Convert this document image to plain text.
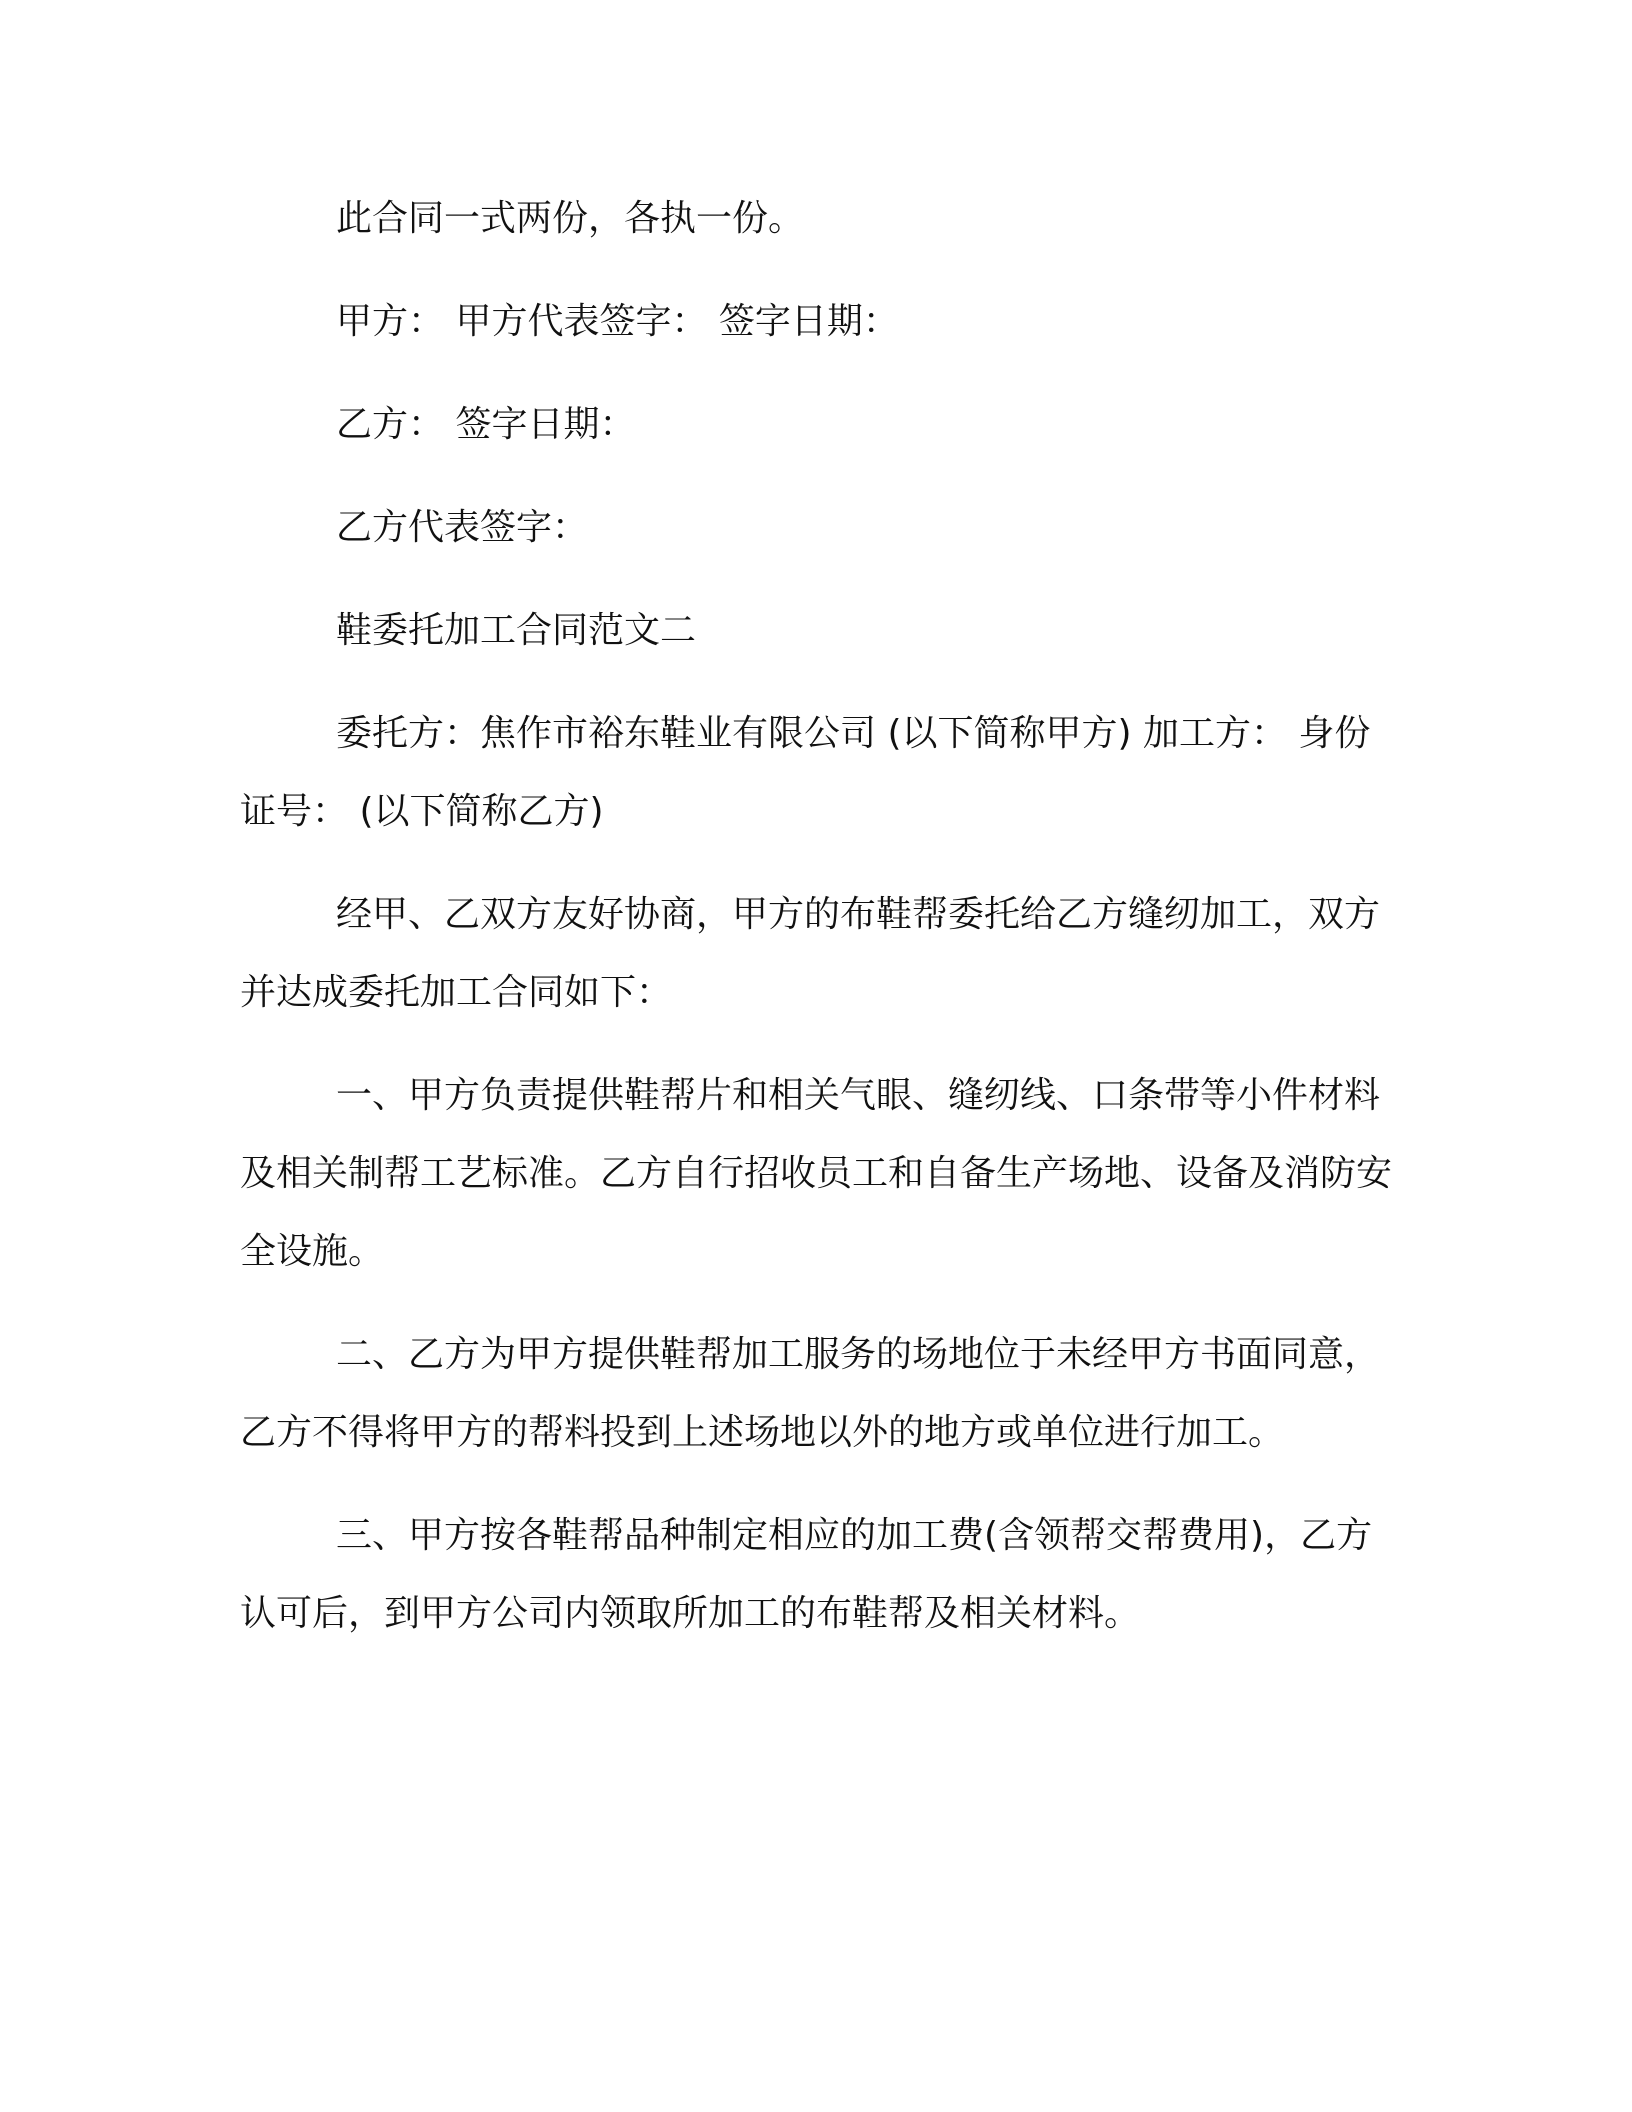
此合同一式两份，各执一份。

甲方： 甲方代表签字： 签字日期：

乙方： 签字日期：

乙方代表签字：

鞋委托加工合同范文二

委托方：焦作市裕东鞋业有限公司 (以下简称甲方) 加工方： 身份证号： (以下简称乙方)

经甲、乙双方友好协商，甲方的布鞋帮委托给乙方缝纫加工，双方并达成委托加工合同如下：

一、甲方负责提供鞋帮片和相关气眼、缝纫线、口条带等小件材料及相关制帮工艺标准。乙方自行招收员工和自备生产场地、设备及消防安全设施。

二、乙方为甲方提供鞋帮加工服务的场地位于未经甲方书面同意，乙方不得将甲方的帮料投到上述场地以外的地方或单位进行加工。

三、甲方按各鞋帮品种制定相应的加工费(含领帮交帮费用)，乙方认可后，到甲方公司内领取所加工的布鞋帮及相关材料。
